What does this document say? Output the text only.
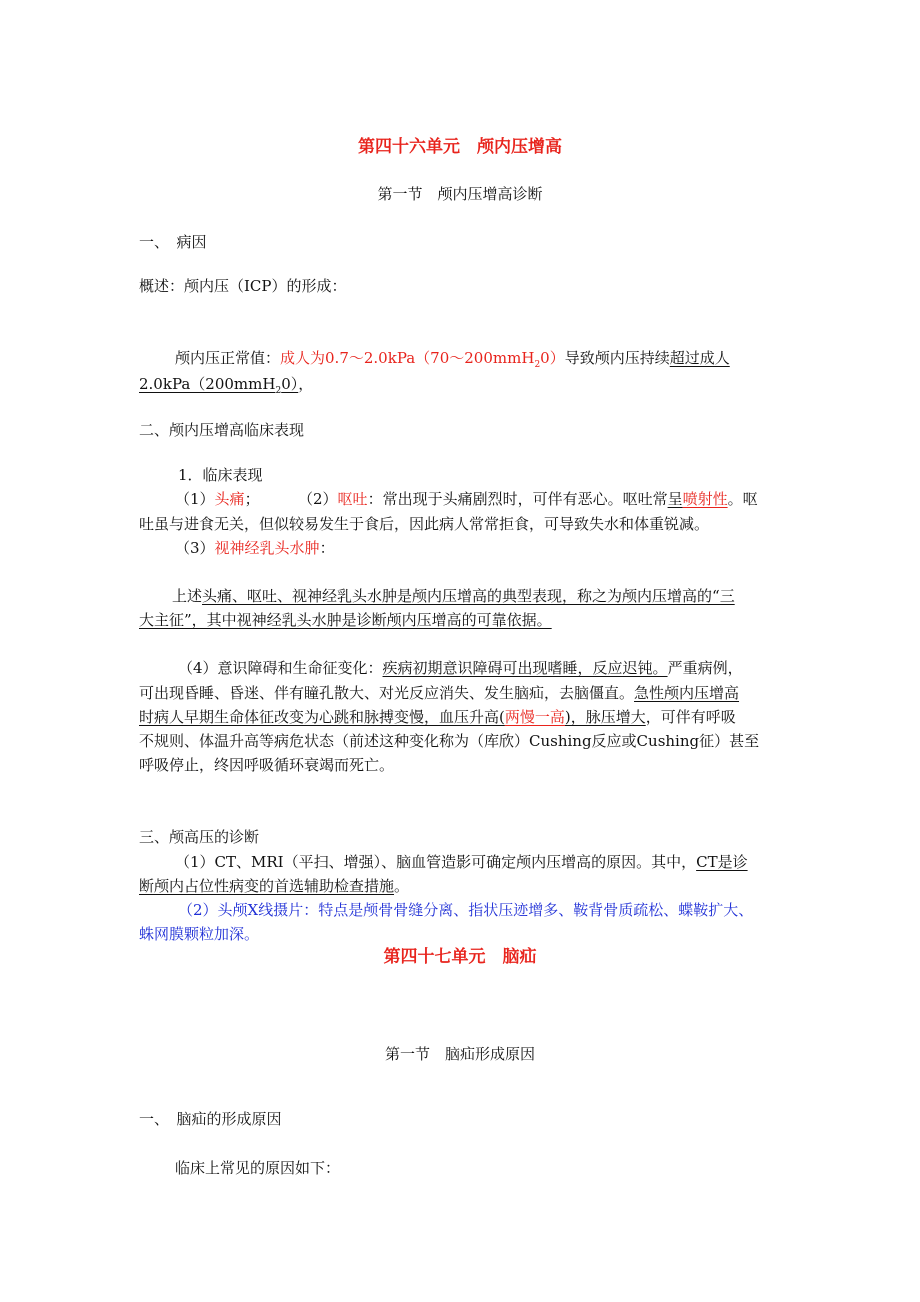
第四十六单元　颅内压增高
第一节　颅内压增高诊断
一、　病因
概述：颅内压（ICP）的形成：
颅内压正常值：成人为0.7～2.0kPa（70～200mmH$_2$0）导致颅内压持续超过成人
2.0kPa（200mmH$_2$0），
二、颅内压增高临床表现
1．临床表现
（1）头痛；	（2）呕吐：常出现于头痛剧烈时，可伴有恶心。呕吐常呈喷射性。呕
吐虽与进食无关，但似较易发生于食后，因此病人常常拒食，可导致失水和体重锐减。
（3）视神经乳头水肿：
上述头痛、呕吐、视神经乳头水肿是颅内压增高的典型表现，称之为颅内压增高的“三
大主征”，其中视神经乳头水肿是诊断颅内压增高的可靠依据。
（4）意识障碍和生命征变化：疾病初期意识障碍可出现嗜睡，反应迟钝。严重病例，
可出现昏睡、昏迷、伴有瞳孔散大、对光反应消失、发生脑疝，去脑僵直。急性颅内压增高
时病人早期生命体征改变为心跳和脉搏变慢，血压升高(两慢一高)，脉压增大，可伴有呼吸
不规则、体温升高等病危状态（前述这种变化称为（库欣）Cushing反应或Cushing征）甚至
呼吸停止，终因呼吸循环衰竭而死亡。
三、颅高压的诊断
（1）CT、MRI（平扫、增强）、脑血管造影可确定颅内压增高的原因。其中，CT是诊
断颅内占位性病变的首选辅助检查措施。
（2）头颅X线摄片：特点是颅骨骨缝分离、指状压迹增多、鞍背骨质疏松、蝶鞍扩大、
蛛网膜颗粒加深。
第四十七单元　脑疝
第一节　脑疝形成原因
一、　脑疝的形成原因
临床上常见的原因如下：
